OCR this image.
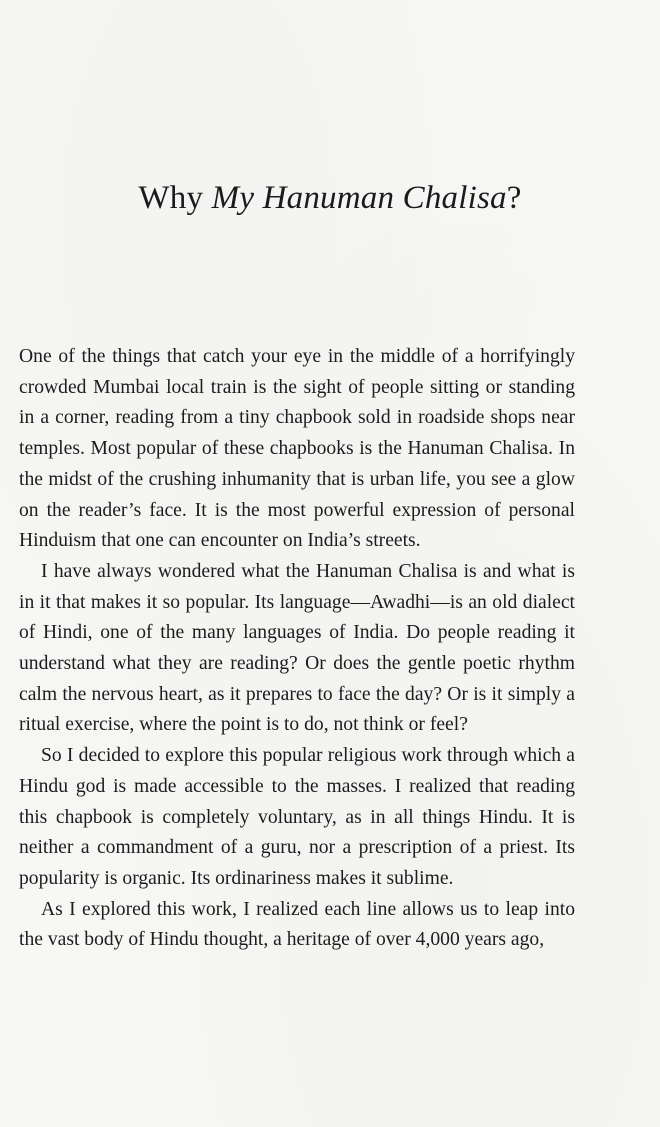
Why My Hanuman Chalisa?

One of the things that catch your eye in the middle of a horrifyingly crowded Mumbai local train is the sight of people sitting or standing in a corner, reading from a tiny chapbook sold in roadside shops near temples. Most popular of these chapbooks is the Hanuman Chalisa. In the midst of the crushing inhumanity that is urban life, you see a glow on the reader’s face. It is the most powerful expression of personal Hinduism that one can encounter on India’s streets.

I have always wondered what the Hanuman Chalisa is and what is in it that makes it so popular. Its language—Awadhi—is an old dialect of Hindi, one of the many languages of India. Do people reading it understand what they are reading? Or does the gentle poetic rhythm calm the nervous heart, as it prepares to face the day? Or is it simply a ritual exercise, where the point is to do, not think or feel?

So I decided to explore this popular religious work through which a Hindu god is made accessible to the masses. I realized that reading this chapbook is completely voluntary, as in all things Hindu. It is neither a commandment of a guru, nor a prescription of a priest. Its popularity is organic. Its ordinariness makes it sublime.

As I explored this work, I realized each line allows us to leap into the vast body of Hindu thought, a heritage of over 4,000 years ago,
